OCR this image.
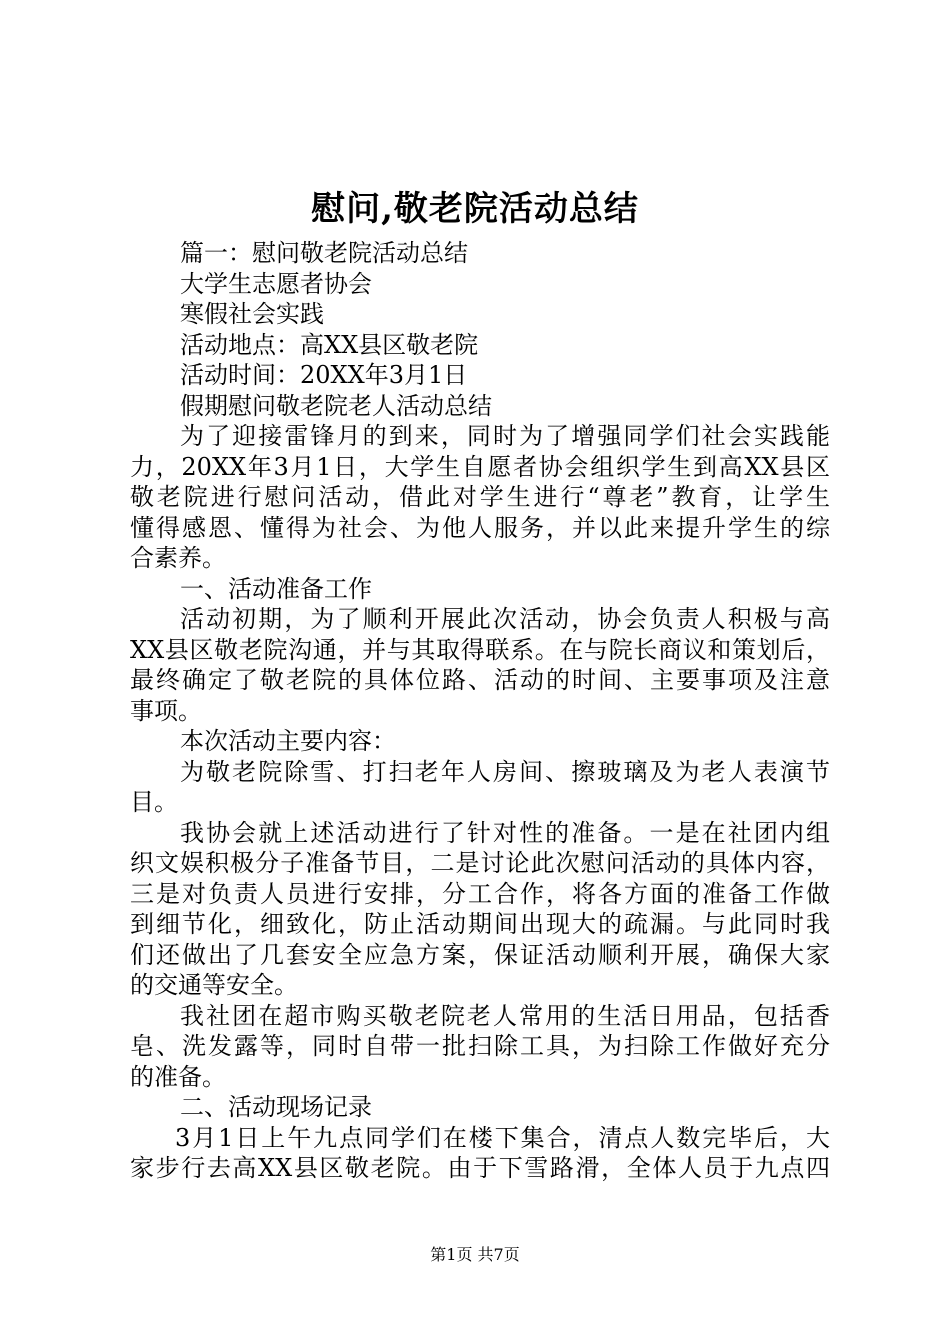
慰问,敬老院活动总结

篇一：慰问敬老院活动总结

大学生志愿者协会

寒假社会实践

活动地点：高XX县区敬老院

活动时间：20XX年3月1日

假期慰问敬老院老人活动总结

为了迎接雷锋月的到来，同时为了增强同学们社会实践能

力，20XX年3月1日，大学生自愿者协会组织学生到高XX县区

敬老院进行慰问活动，借此对学生进行“尊老”教育，让学生

懂得感恩、懂得为社会、为他人服务，并以此来提升学生的综

合素养。

一、活动准备工作

活动初期，为了顺利开展此次活动，协会负责人积极与高

XX县区敬老院沟通，并与其取得联系。在与院长商议和策划后，

最终确定了敬老院的具体位路、活动的时间、主要事项及注意

事项。

本次活动主要内容：

为敬老院除雪、打扫老年人房间、擦玻璃及为老人表演节

目。

我协会就上述活动进行了针对性的准备。一是在社团内组

织文娱积极分子准备节目，二是讨论此次慰问活动的具体内容，

三是对负责人员进行安排，分工合作，将各方面的准备工作做

到细节化，细致化，防止活动期间出现大的疏漏。与此同时我

们还做出了几套安全应急方案，保证活动顺利开展，确保大家

的交通等安全。

我社团在超市购买敬老院老人常用的生活日用品，包括香

皂、洗发露等，同时自带一批扫除工具，为扫除工作做好充分

的准备。

二、活动现场记录

3月1日上午九点同学们在楼下集合，清点人数完毕后，大

家步行去高XX县区敬老院。由于下雪路滑，全体人员于九点四

第1页 共7页
